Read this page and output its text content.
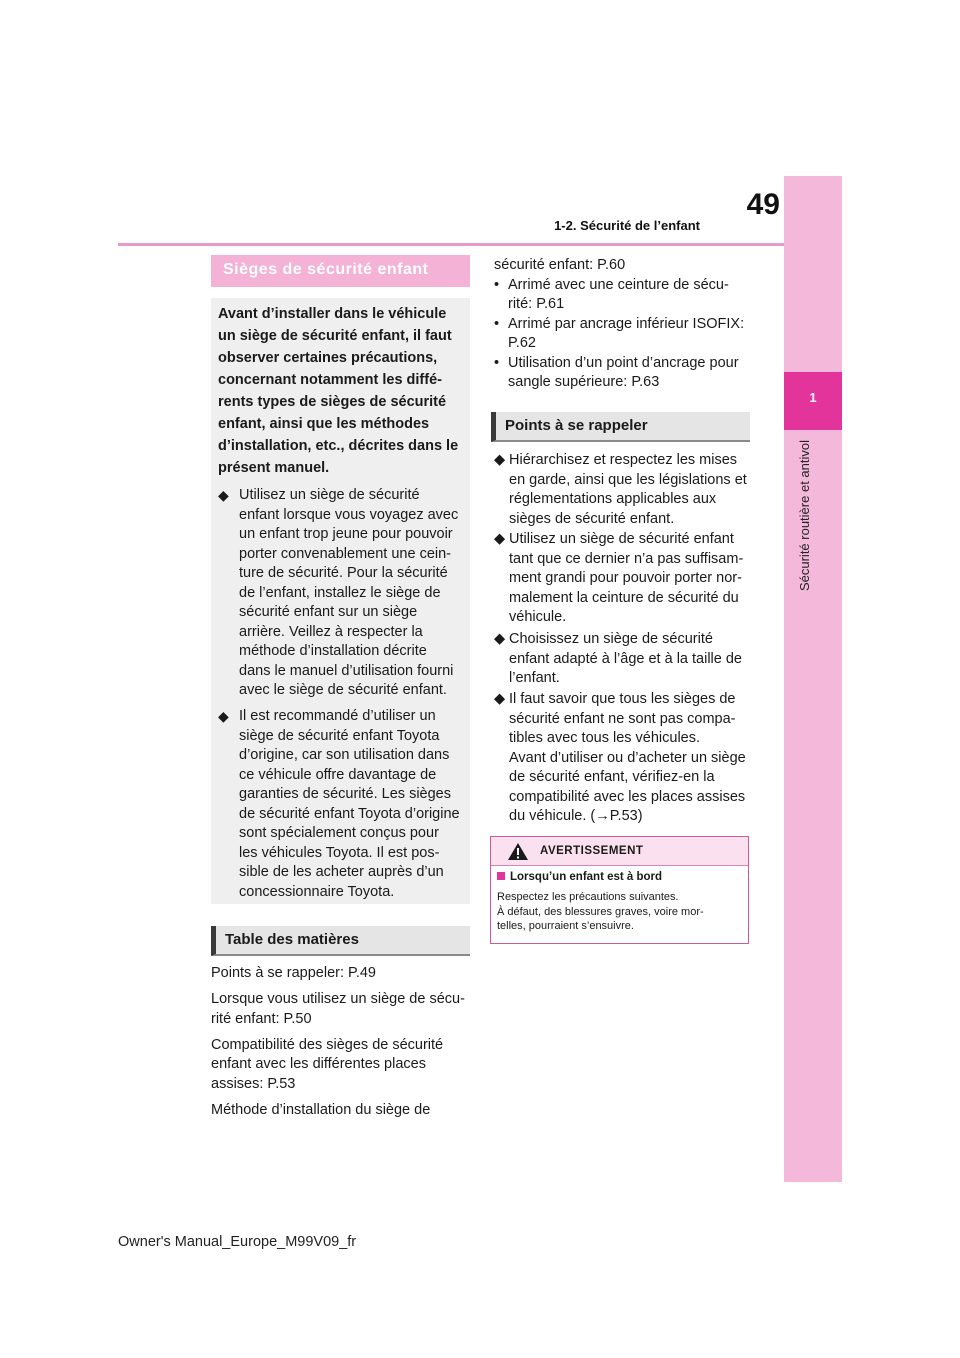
49
1-2. Sécurité de l’enfant
1
Sécurité routière et antivol
Sièges de sécurité enfant
Avant d’installer dans le véhicule
un siège de sécurité enfant, il faut
observer certaines précautions,
concernant notamment les diffé-
rents types de sièges de sécurité
enfant, ainsi que les méthodes
d’installation, etc., décrites dans le
présent manuel.
◆ Utilisez un siège de sécurité
enfant lorsque vous voyagez avec
un enfant trop jeune pour pouvoir
porter convenablement une cein-
ture de sécurité. Pour la sécurité
de l’enfant, installez le siège de
sécurité enfant sur un siège
arrière. Veillez à respecter la
méthode d’installation décrite
dans le manuel d’utilisation fourni
avec le siège de sécurité enfant.
◆ Il est recommandé d’utiliser un
siège de sécurité enfant Toyota
d’origine, car son utilisation dans
ce véhicule offre davantage de
garanties de sécurité. Les sièges
de sécurité enfant Toyota d’origine
sont spécialement conçus pour
les véhicules Toyota. Il est pos-
sible de les acheter auprès d’un
concessionnaire Toyota.
Table des matières

Points à se rappeler: P.49

Lorsque vous utilisez un siège de sécu-
rité enfant: P.50

Compatibilité des sièges de sécurité
enfant avec les différentes places
assises: P.53

Méthode d’installation du siège de

sécurité enfant: P.60

• Arrimé avec une ceinture de sécu-
rité: P.61

• Arrimé par ancrage inférieur ISOFIX:
P.62

• Utilisation d’un point d’ancrage pour
sangle supérieure: P.63

Points à se rappeler
◆ Hiérarchisez et respectez les mises
en garde, ainsi que les législations et
réglementations applicables aux
sièges de sécurité enfant.
◆ Utilisez un siège de sécurité enfant
tant que ce dernier n’a pas suffisam-
ment grandi pour pouvoir porter nor-
malement la ceinture de sécurité du
véhicule.
◆ Choisissez un siège de sécurité
enfant adapté à l’âge et à la taille de
l’enfant.
◆ Il faut savoir que tous les sièges de
sécurité enfant ne sont pas compa-
tibles avec tous les véhicules.
Avant d’utiliser ou d’acheter un siège
de sécurité enfant, vérifiez-en la
compatibilité avec les places assises
du véhicule. (→P.53)
AVERTISSEMENT
Lorsqu’un enfant est à bord
Respectez les précautions suivantes.
À défaut, des blessures graves, voire mor-
telles, pourraient s’ensuivre.
Owner's Manual_Europe_M99V09_fr
